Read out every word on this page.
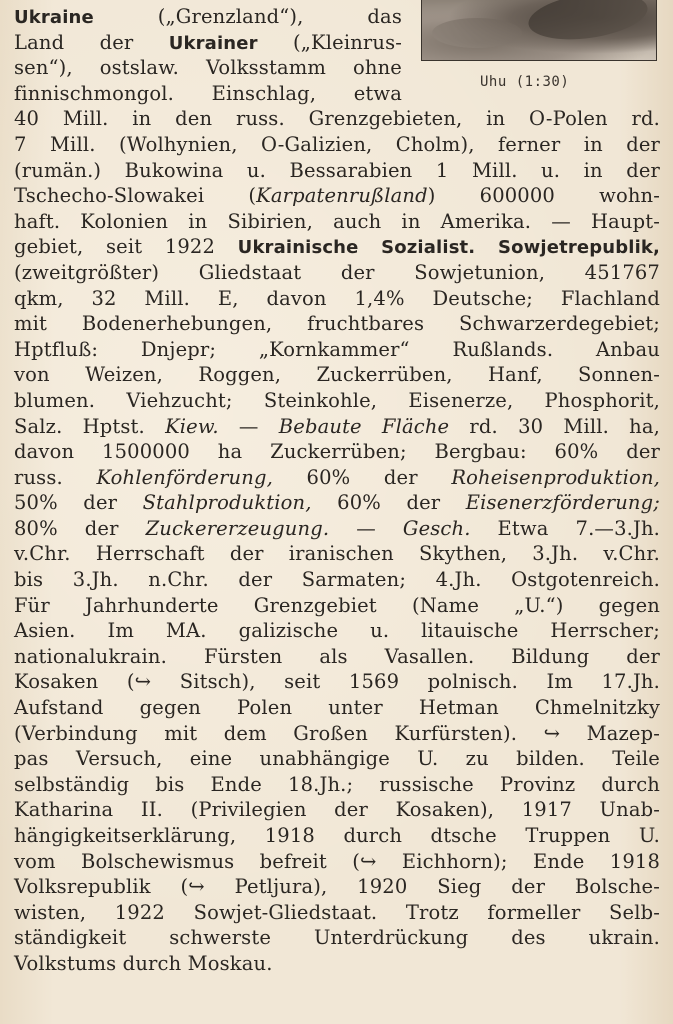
Uhu (1:30)
Ukraine („Grenzland“), das
Land der Ukrainer („Kleinrus-
sen“), ostslaw. Volksstamm ohne
finnischmongol. Einschlag, etwa
40 Mill. in den russ. Grenzgebieten, in O-Polen rd.
7 Mill. (Wolhynien, O-Galizien, Cholm), ferner in der
(rumän.) Bukowina u. Bessarabien 1 Mill. u. in der
Tschecho-Slowakei (Karpatenrußland) 600000 wohn-
haft. Kolonien in Sibirien, auch in Amerika. — Haupt-
gebiet, seit 1922 Ukrainische Sozialist. Sowjetrepublik,
(zweitgrößter) Gliedstaat der Sowjetunion, 451767
qkm, 32 Mill. E, davon 1,4% Deutsche; Flachland
mit Bodenerhebungen, fruchtbares Schwarzerdegebiet;
Hptfluß: Dnjepr; „Kornkammer“ Rußlands. Anbau
von Weizen, Roggen, Zuckerrüben, Hanf, Sonnen-
blumen. Viehzucht; Steinkohle, Eisenerze, Phosphorit,
Salz. Hptst. Kiew. — Bebaute Fläche rd. 30 Mill. ha,
davon 1500000 ha Zuckerrüben; Bergbau: 60% der
russ. Kohlenförderung, 60% der Roheisenproduktion,
50% der Stahlproduktion, 60% der Eisenerzförderung;
80% der Zuckererzeugung. — Gesch. Etwa 7.—3.Jh.
v.Chr. Herrschaft der iranischen Skythen, 3.Jh. v.Chr.
bis 3.Jh. n.Chr. der Sarmaten; 4.Jh. Ostgotenreich.
Für Jahrhunderte Grenzgebiet (Name „U.“) gegen
Asien. Im MA. galizische u. litauische Herrscher;
nationalukrain. Fürsten als Vasallen. Bildung der
Kosaken (↪ Sitsch), seit 1569 polnisch. Im 17.Jh.
Aufstand gegen Polen unter Hetman Chmelnitzky
(Verbindung mit dem Großen Kurfürsten). ↪ Mazep-
pas Versuch, eine unabhängige U. zu bilden. Teile
selbständig bis Ende 18.Jh.; russische Provinz durch
Katharina II. (Privilegien der Kosaken), 1917 Unab-
hängigkeitserklärung, 1918 durch dtsche Truppen U.
vom Bolschewismus befreit (↪ Eichhorn); Ende 1918
Volksrepublik (↪ Petljura), 1920 Sieg der Bolsche-
wisten, 1922 Sowjet-Gliedstaat. Trotz formeller Selb-
ständigkeit schwerste Unterdrückung des ukrain.
Volkstums durch Moskau.
